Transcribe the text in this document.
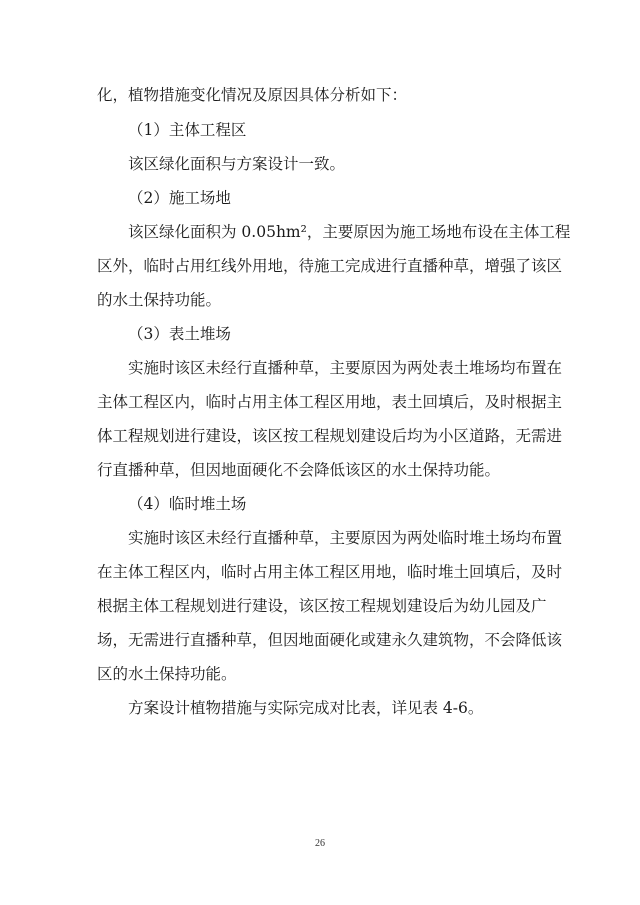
化，植物措施变化情况及原因具体分析如下：
（1）主体工程区
该区绿化面积与方案设计一致。
（2）施工场地
该区绿化面积为 0.05hm²，主要原因为施工场地布设在主体工程
区外，临时占用红线外用地，待施工完成进行直播种草，增强了该区
的水土保持功能。
（3）表土堆场
实施时该区未经行直播种草，主要原因为两处表土堆场均布置在
主体工程区内，临时占用主体工程区用地，表土回填后，及时根据主
体工程规划进行建设，该区按工程规划建设后均为小区道路，无需进
行直播种草，但因地面硬化不会降低该区的水土保持功能。
（4）临时堆土场
实施时该区未经行直播种草，主要原因为两处临时堆土场均布置
在主体工程区内，临时占用主体工程区用地，临时堆土回填后，及时
根据主体工程规划进行建设，该区按工程规划建设后为幼儿园及广
场，无需进行直播种草，但因地面硬化或建永久建筑物，不会降低该
区的水土保持功能。
方案设计植物措施与实际完成对比表，详见表 4-6。
26
